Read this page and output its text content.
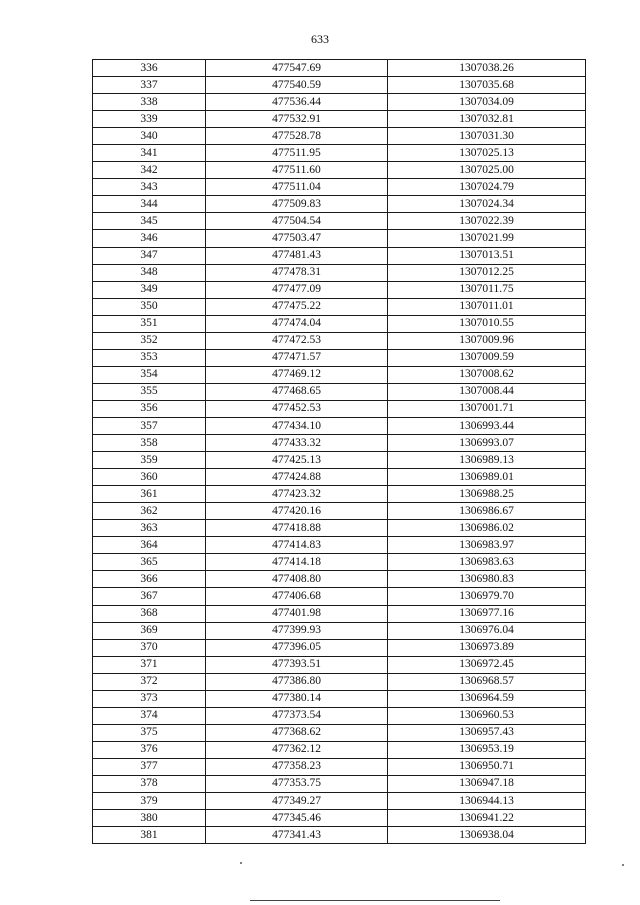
633
336	477547.69	1307038.26
337	477540.59	1307035.68
338	477536.44	1307034.09
339	477532.91	1307032.81
340	477528.78	1307031.30
341	477511.95	1307025.13
342	477511.60	1307025.00
343	477511.04	1307024.79
344	477509.83	1307024.34
345	477504.54	1307022.39
346	477503.47	1307021.99
347	477481.43	1307013.51
348	477478.31	1307012.25
349	477477.09	1307011.75
350	477475.22	1307011.01
351	477474.04	1307010.55
352	477472.53	1307009.96
353	477471.57	1307009.59
354	477469.12	1307008.62
355	477468.65	1307008.44
356	477452.53	1307001.71
357	477434.10	1306993.44
358	477433.32	1306993.07
359	477425.13	1306989.13
360	477424.88	1306989.01
361	477423.32	1306988.25
362	477420.16	1306986.67
363	477418.88	1306986.02
364	477414.83	1306983.97
365	477414.18	1306983.63
366	477408.80	1306980.83
367	477406.68	1306979.70
368	477401.98	1306977.16
369	477399.93	1306976.04
370	477396.05	1306973.89
371	477393.51	1306972.45
372	477386.80	1306968.57
373	477380.14	1306964.59
374	477373.54	1306960.53
375	477368.62	1306957.43
376	477362.12	1306953.19
377	477358.23	1306950.71
378	477353.75	1306947.18
379	477349.27	1306944.13
380	477345.46	1306941.22
381	477341.43	1306938.04
